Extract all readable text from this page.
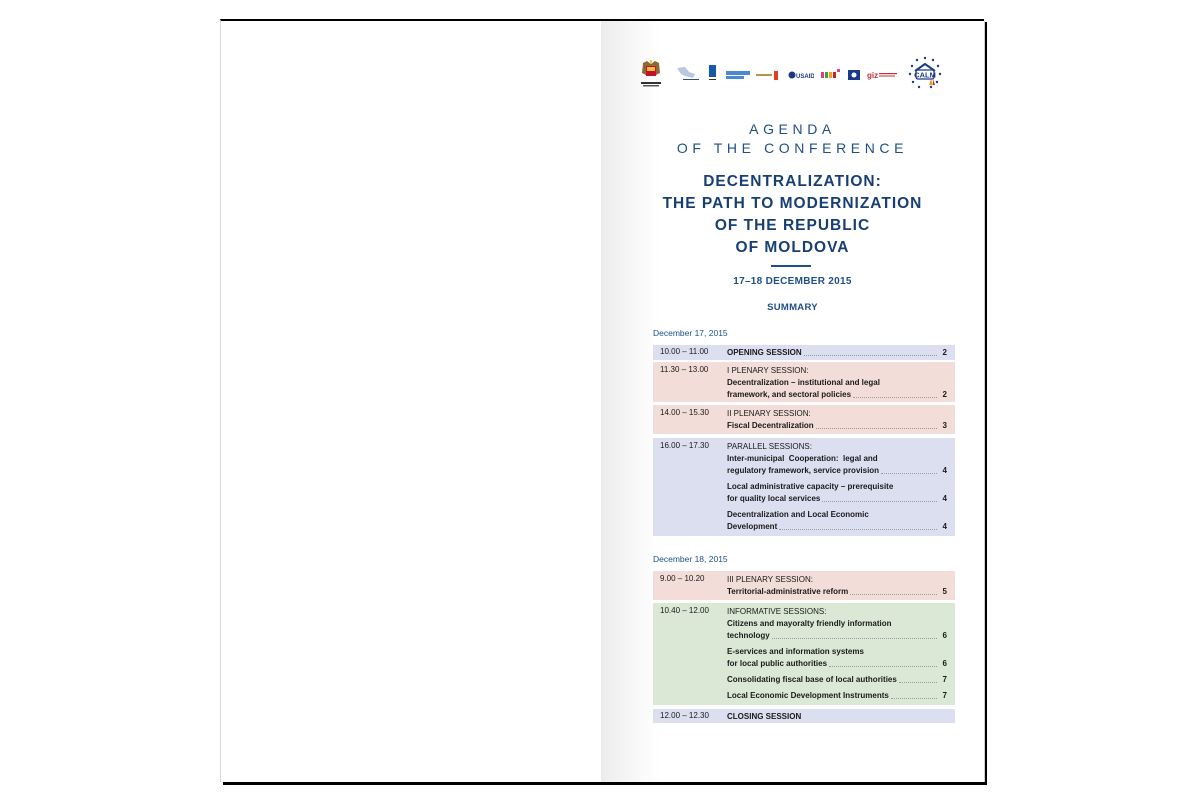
USAID	giz	CALM
AGENDA
OF THE CONFERENCE
DECENTRALIZATION:
THE PATH TO MODERNIZATION
OF THE REPUBLIC
OF MOLDOVA
17–18 DECEMBER 2015
SUMMARY
December 17, 2015
10.00 – 11.00	OPENING SESSION	2
11.30 – 13.00	I PLENARY SESSION:
Decentralization – institutional and legal
framework, and sectoral policies	2
14.00 – 15.30	II PLENARY SESSION:
Fiscal Decentralization	3
16.00 – 17.30	PARALLEL SESSIONS:
Inter-municipal  Cooperation:  legal and
regulatory framework, service provision	4
Local administrative capacity – prerequisite
for quality local services	4
Decentralization and Local Economic
Development	4
December 18, 2015
9.00 – 10.20	III PLENARY SESSION:
Territorial-administrative reform	5
10.40 – 12.00	INFORMATIVE SESSIONS:
Citizens and mayoralty friendly information
technology	6
E-services and information systems
for local public authorities	6
Consolidating fiscal base of local authorities	7
Local Economic Development Instruments	7
12.00 – 12.30	CLOSING SESSION
